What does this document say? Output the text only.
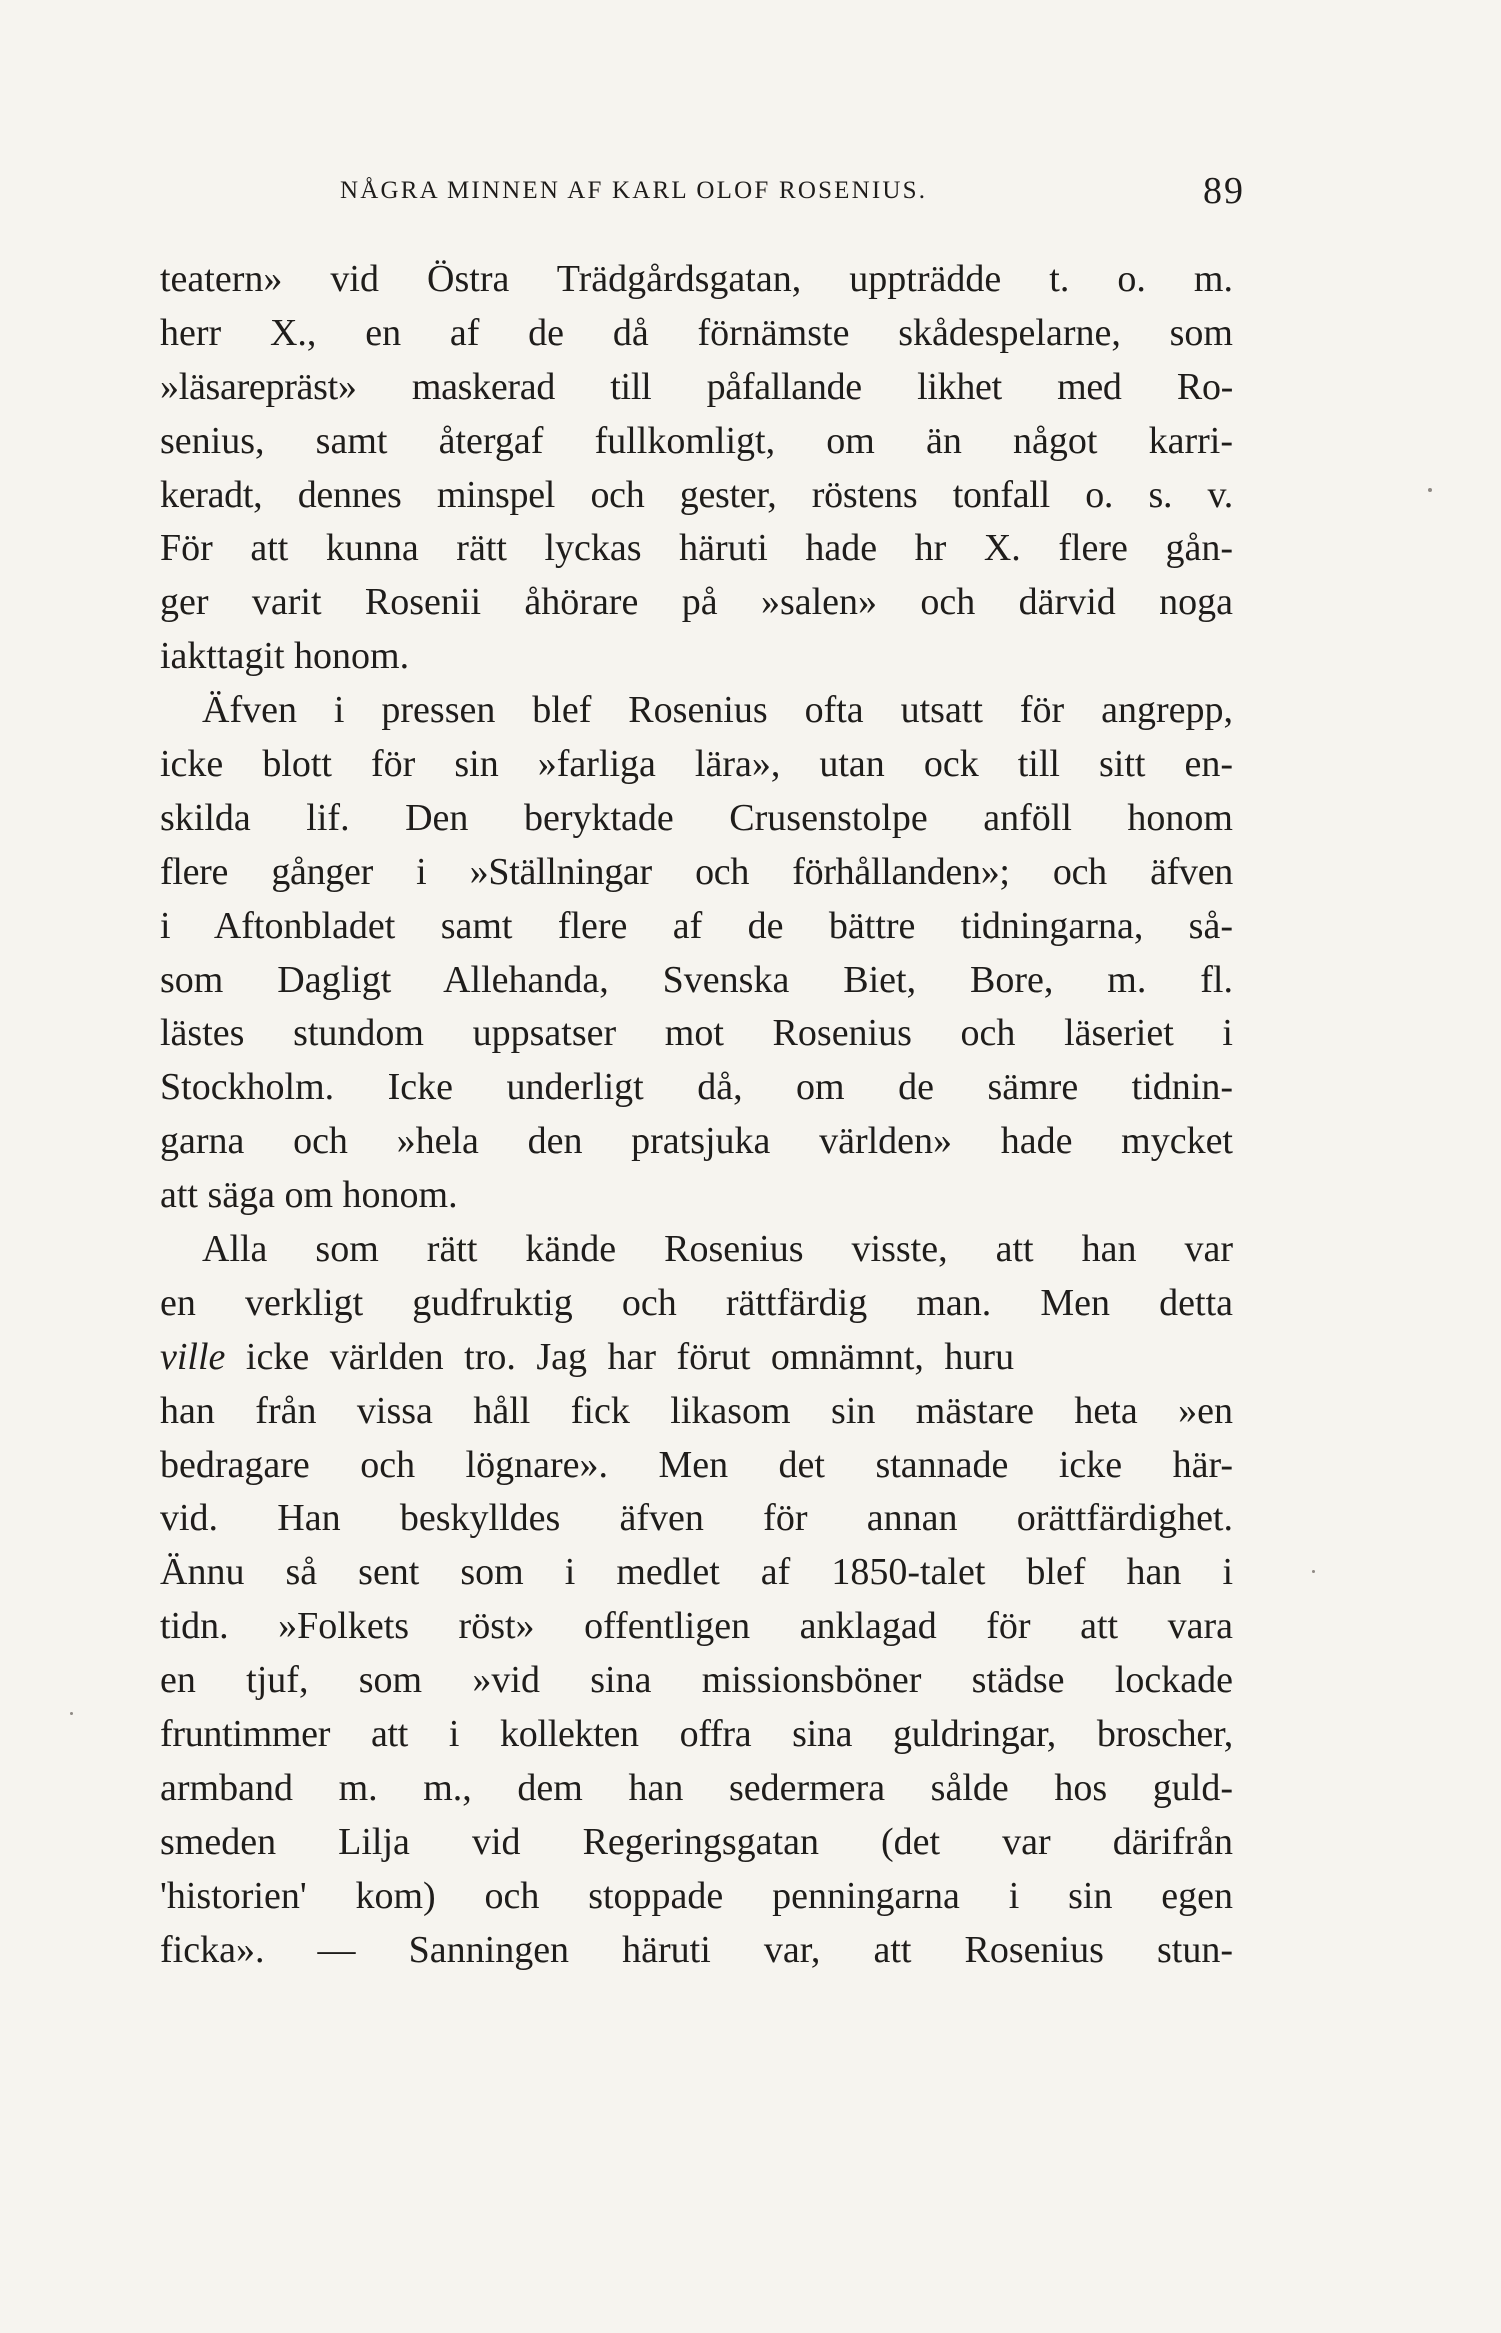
NÅGRA MINNEN AF KARL OLOF ROSENIUS.	89
teatern» vid Östra Trädgårdsgatan, uppträdde t. o. m.
herr X., en af de då förnämste skådespelarne, som
»läsarepräst» maskerad till påfallande likhet med Ro-
senius, samt återgaf fullkomligt, om än något karri-
keradt, dennes minspel och gester, röstens tonfall o. s. v.
För att kunna rätt lyckas häruti hade hr X. flere gån-
ger varit Rosenii åhörare på »salen» och därvid noga
iakttagit honom.
Äfven i pressen blef Rosenius ofta utsatt för angrepp,
icke blott för sin »farliga lära», utan ock till sitt en-
skilda lif. Den beryktade Crusenstolpe anföll honom
flere gånger i »Ställningar och förhållanden»; och äfven
i Aftonbladet samt flere af de bättre tidningarna, så-
som Dagligt Allehanda, Svenska Biet, Bore, m. fl.
lästes stundom uppsatser mot Rosenius och läseriet i
Stockholm. Icke underligt då, om de sämre tidnin-
garna och »hela den pratsjuka världen» hade mycket
att säga om honom.
Alla som rätt kände Rosenius visste, att han var
en verkligt gudfruktig och rättfärdig man. Men detta
ville icke världen tro. Jag har förut omnämnt, huru
han från vissa håll fick likasom sin mästare heta »en
bedragare och lögnare». Men det stannade icke här-
vid. Han beskylldes äfven för annan orättfärdighet.
Ännu så sent som i medlet af 1850-talet blef han i
tidn. »Folkets röst» offentligen anklagad för att vara
en tjuf, som »vid sina missionsböner städse lockade
fruntimmer att i kollekten offra sina guldringar, broscher,
armband m. m., dem han sedermera sålde hos guld-
smeden Lilja vid Regeringsgatan (det var därifrån
'historien' kom) och stoppade penningarna i sin egen
ficka». — Sanningen häruti var, att Rosenius stun-
